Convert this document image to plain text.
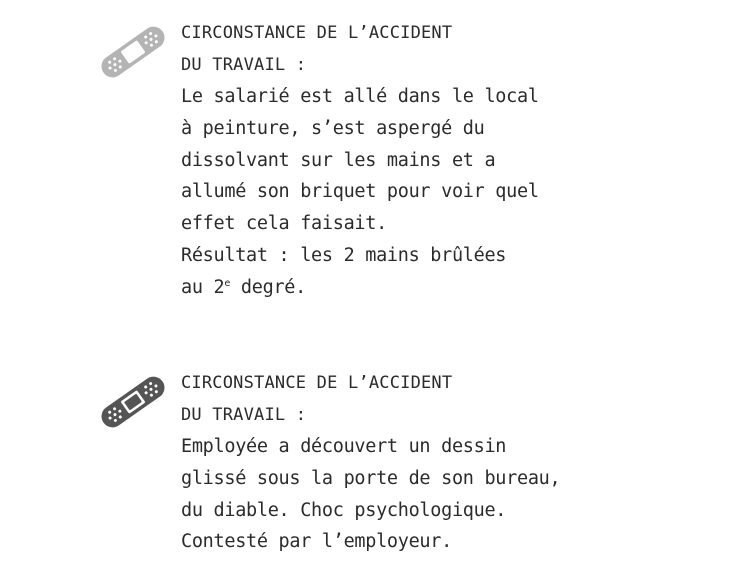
CIRCONSTANCE DE L’ACCIDENT
DU TRAVAIL :
Le salarié est allé dans le local
à peinture, s’est aspergé du
dissolvant sur les mains et a
allumé son briquet pour voir quel
effet cela faisait.
Résultat : les 2 mains brûlées
au 2e degré.
CIRCONSTANCE DE L’ACCIDENT
DU TRAVAIL :
Employée a découvert un dessin
glissé sous la porte de son bureau,
du diable. Choc psychologique.
Contesté par l’employeur.
